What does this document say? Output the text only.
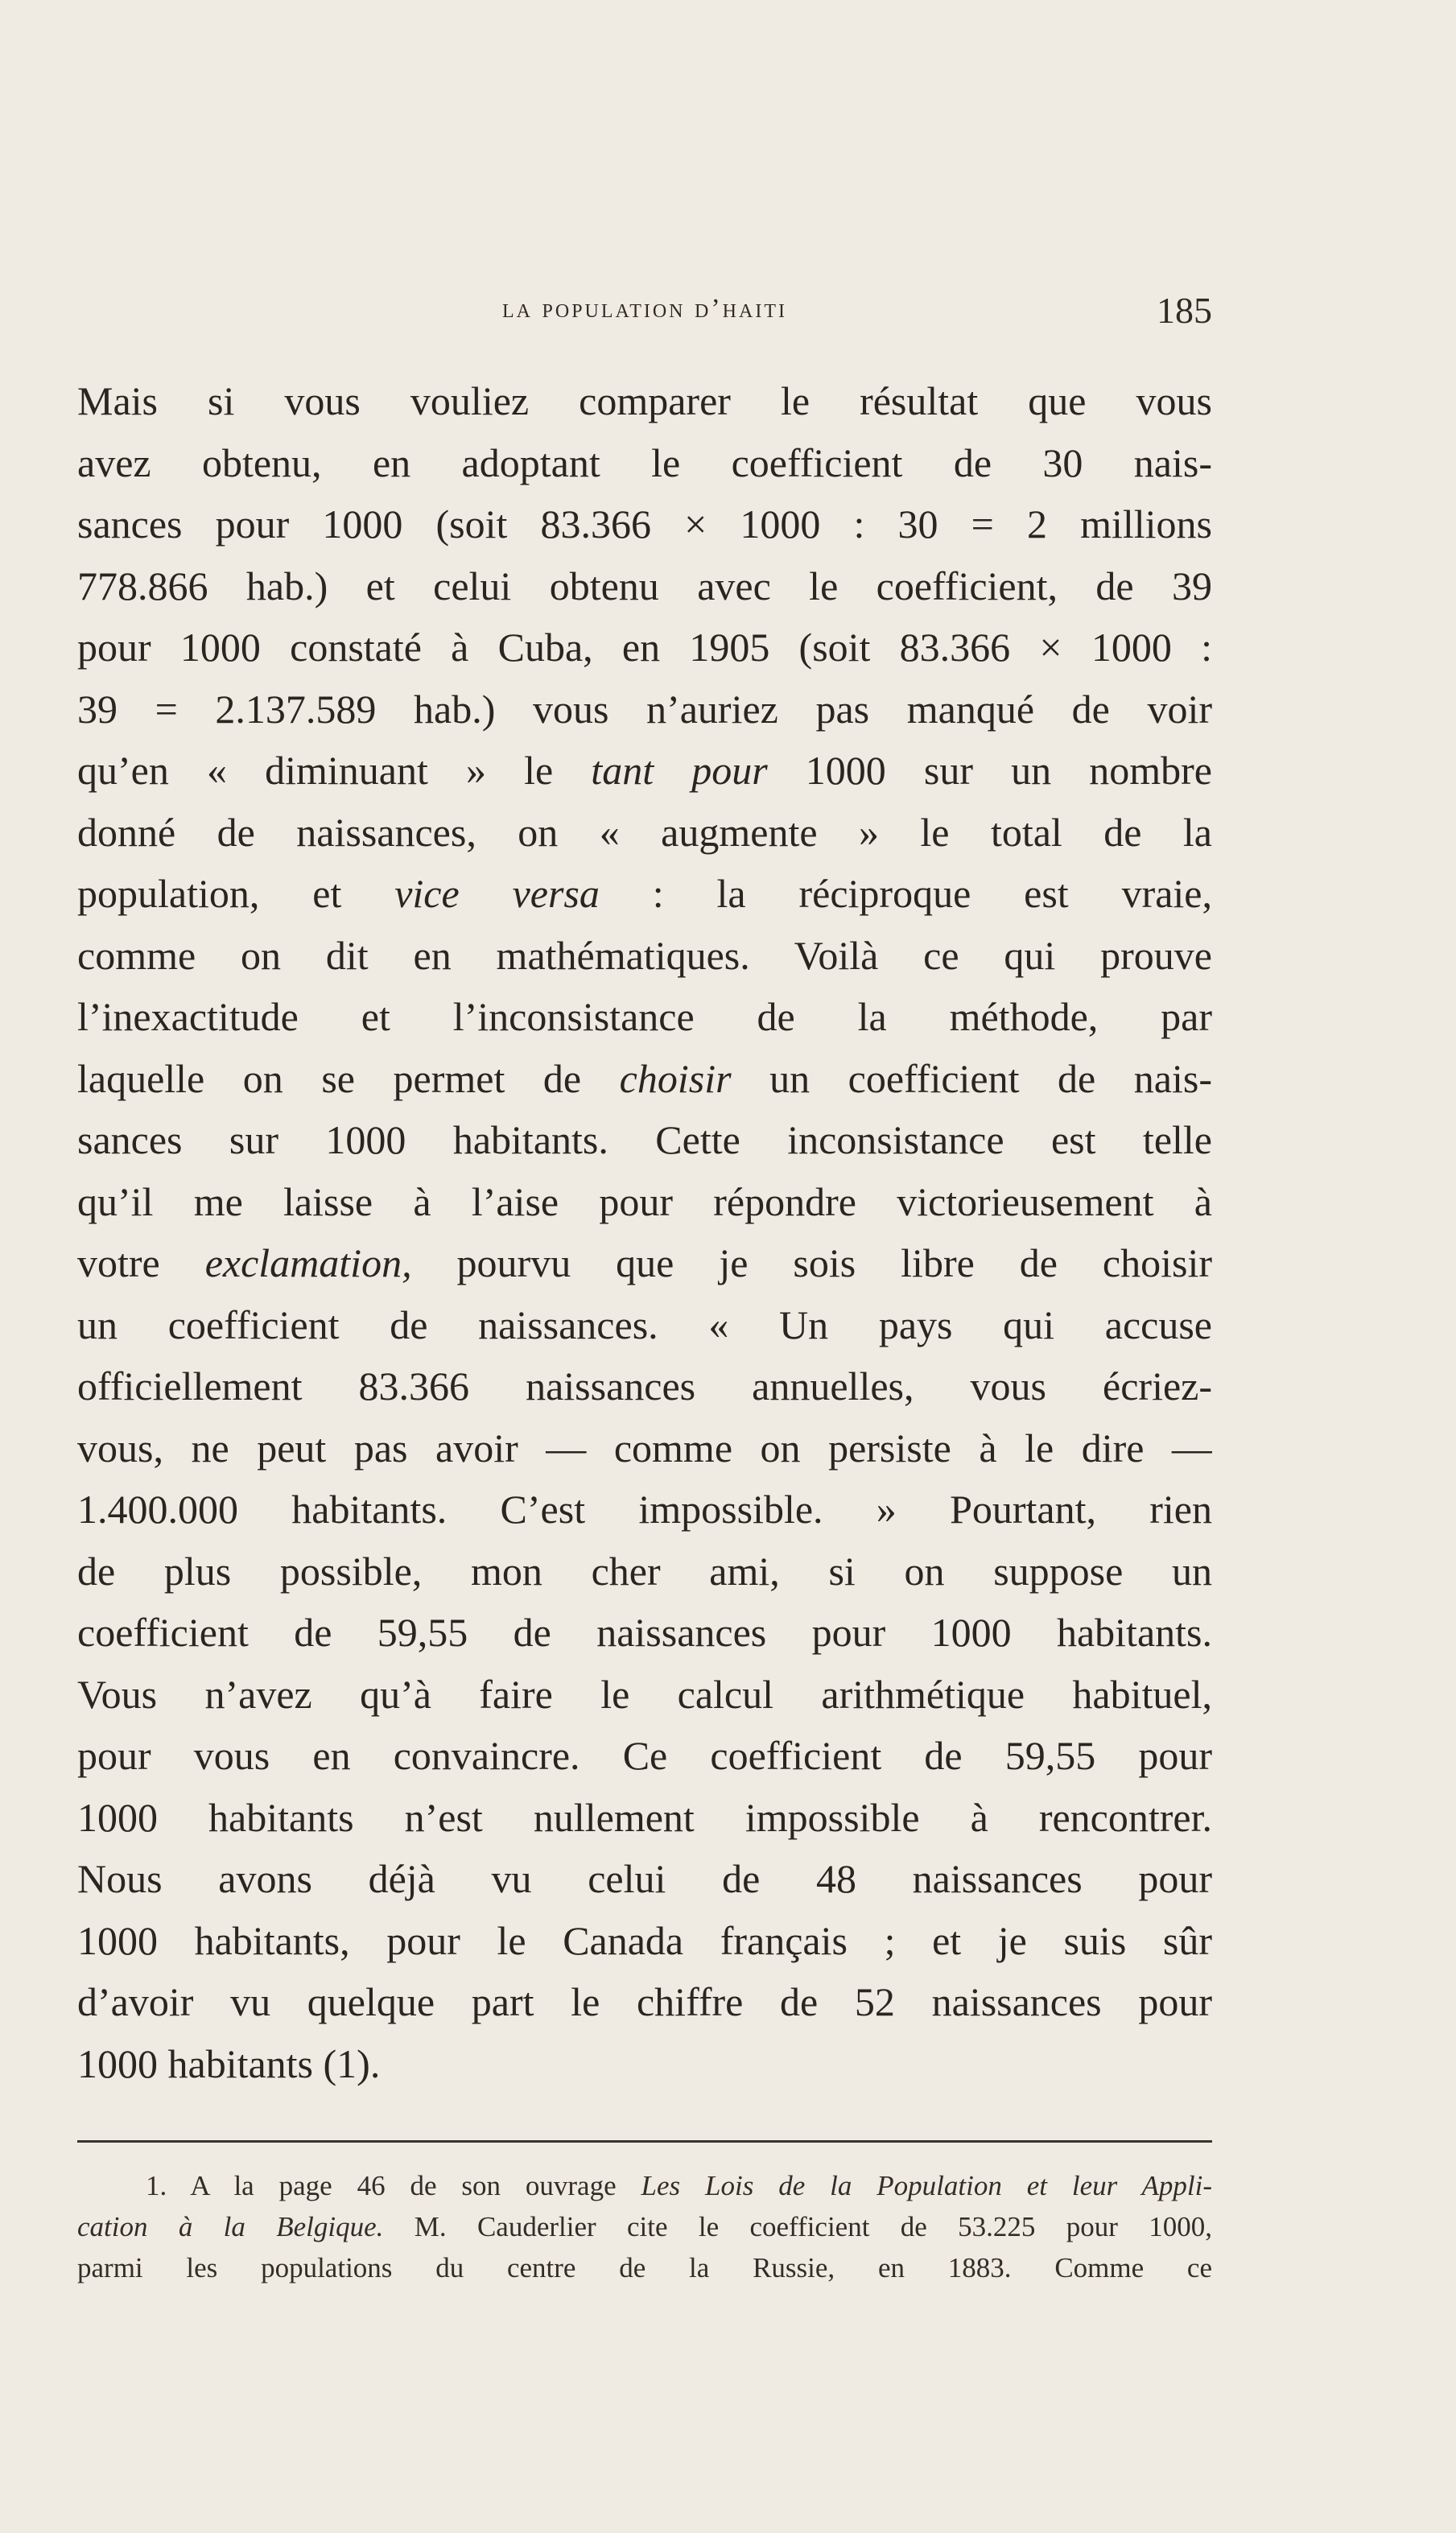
la population d’haiti	185
Mais si vous vouliez comparer le résultat que vous
avez obtenu, en adoptant le coefficient de 30 nais-
sances pour 1000 (soit 83.366 × 1000 : 30 = 2 millions
778.866 hab.) et celui obtenu avec le coefficient, de 39
pour 1000 constaté à Cuba, en 1905 (soit 83.366 × 1000 :
39 = 2.137.589 hab.) vous n’auriez pas manqué de voir
qu’en « diminuant » le tant pour 1000 sur un nombre
donné de naissances, on « augmente » le total de la
population, et vice versa : la réciproque est vraie,
comme on dit en mathématiques. Voilà ce qui prouve
l’inexactitude et l’inconsistance de la méthode, par
laquelle on se permet de choisir un coefficient de nais-
sances sur 1000 habitants. Cette inconsistance est telle
qu’il me laisse à l’aise pour répondre victorieusement à
votre exclamation, pourvu que je sois libre de choisir
un coefficient de naissances. « Un pays qui accuse
officiellement 83.366 naissances annuelles, vous écriez-
vous, ne peut pas avoir — comme on persiste à le dire —
1.400.000 habitants. C’est impossible. » Pourtant, rien
de plus possible, mon cher ami, si on suppose un
coefficient de 59,55 de naissances pour 1000 habitants.
Vous n’avez qu’à faire le calcul arithmétique habituel,
pour vous en convaincre. Ce coefficient de 59,55 pour
1000 habitants n’est nullement impossible à rencontrer.
Nous avons déjà vu celui de 48 naissances pour
1000 habitants, pour le Canada français ; et je suis sûr
d’avoir vu quelque part le chiffre de 52 naissances pour
1000 habitants (1).
1. A la page 46 de son ouvrage Les Lois de la Population et leur Appli-
cation à la Belgique. M. Cauderlier cite le coefficient de 53.225 pour 1000,
parmi les populations du centre de la Russie, en 1883. Comme ce
